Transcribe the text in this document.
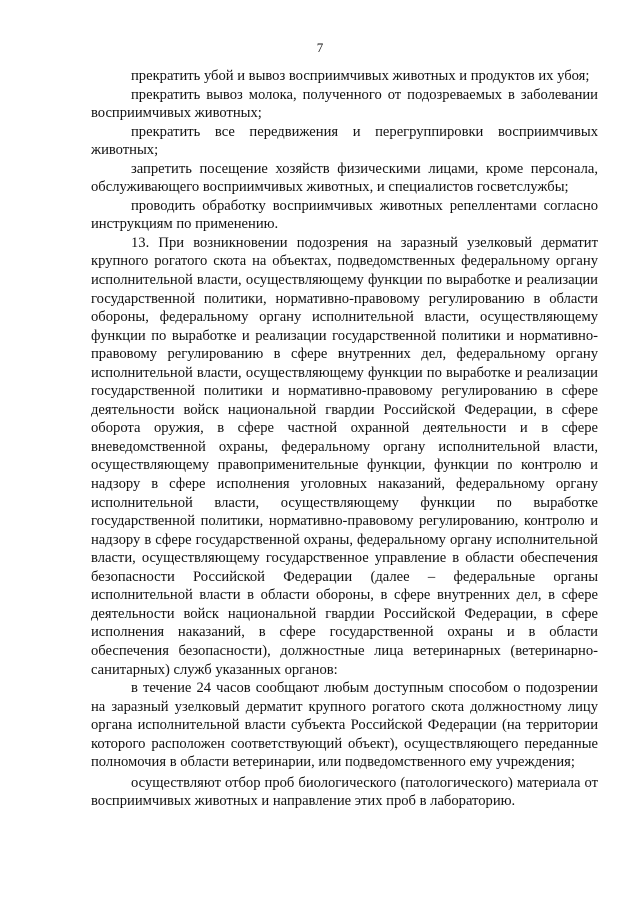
7

прекратить убой и вывоз восприимчивых животных и продуктов их убоя;

прекратить вывоз молока, полученного от подозреваемых в заболевании восприимчивых животных;

прекратить все передвижения и перегруппировки восприимчивых животных;

запретить посещение хозяйств физическими лицами, кроме персонала, обслуживающего восприимчивых животных, и специалистов госветслужбы;

проводить обработку восприимчивых животных репеллентами согласно инструкциям по применению.

13. При возникновении подозрения на заразный узелковый дерматит крупного рогатого скота на объектах, подведомственных федеральному органу исполнительной власти, осуществляющему функции по выработке и реализации государственной политики, нормативно-правовому регулированию в области обороны, федеральному органу исполнительной власти, осуществляющему функции по выработке и реализации государственной политики и нормативно-правовому регулированию в сфере внутренних дел, федеральному органу исполнительной власти, осуществляющему функции по выработке и реализации государственной политики и нормативно-правовому регулированию в сфере деятельности войск национальной гвардии Российской Федерации, в сфере оборота оружия, в сфере частной охранной деятельности и в сфере вневедомственной охраны, федеральному органу исполнительной власти, осуществляющему правоприменительные функции, функции по контролю и надзору в сфере исполнения уголовных наказаний, федеральному органу исполнительной власти, осуществляющему функции по выработке государственной политики, нормативно-правовому регулированию, контролю и надзору в сфере государственной охраны, федеральному органу исполнительной власти, осуществляющему государственное управление в области обеспечения безопасности Российской Федерации (далее – федеральные органы исполнительной власти в области обороны, в сфере внутренних дел, в сфере деятельности войск национальной гвардии Российской Федерации, в сфере исполнения наказаний, в сфере государственной охраны и в области обеспечения безопасности), должностные лица ветеринарных (ветеринарно-санитарных) служб указанных органов:

в течение 24 часов сообщают любым доступным способом о подозрении на заразный узелковый дерматит крупного рогатого скота должностному лицу органа исполнительной власти субъекта Российской Федерации (на территории которого расположен соответствующий объект), осуществляющего переданные полномочия в области ветеринарии, или подведомственного ему учреждения;

осуществляют отбор проб биологического (патологического) материала от восприимчивых животных и направление этих проб в лабораторию.
